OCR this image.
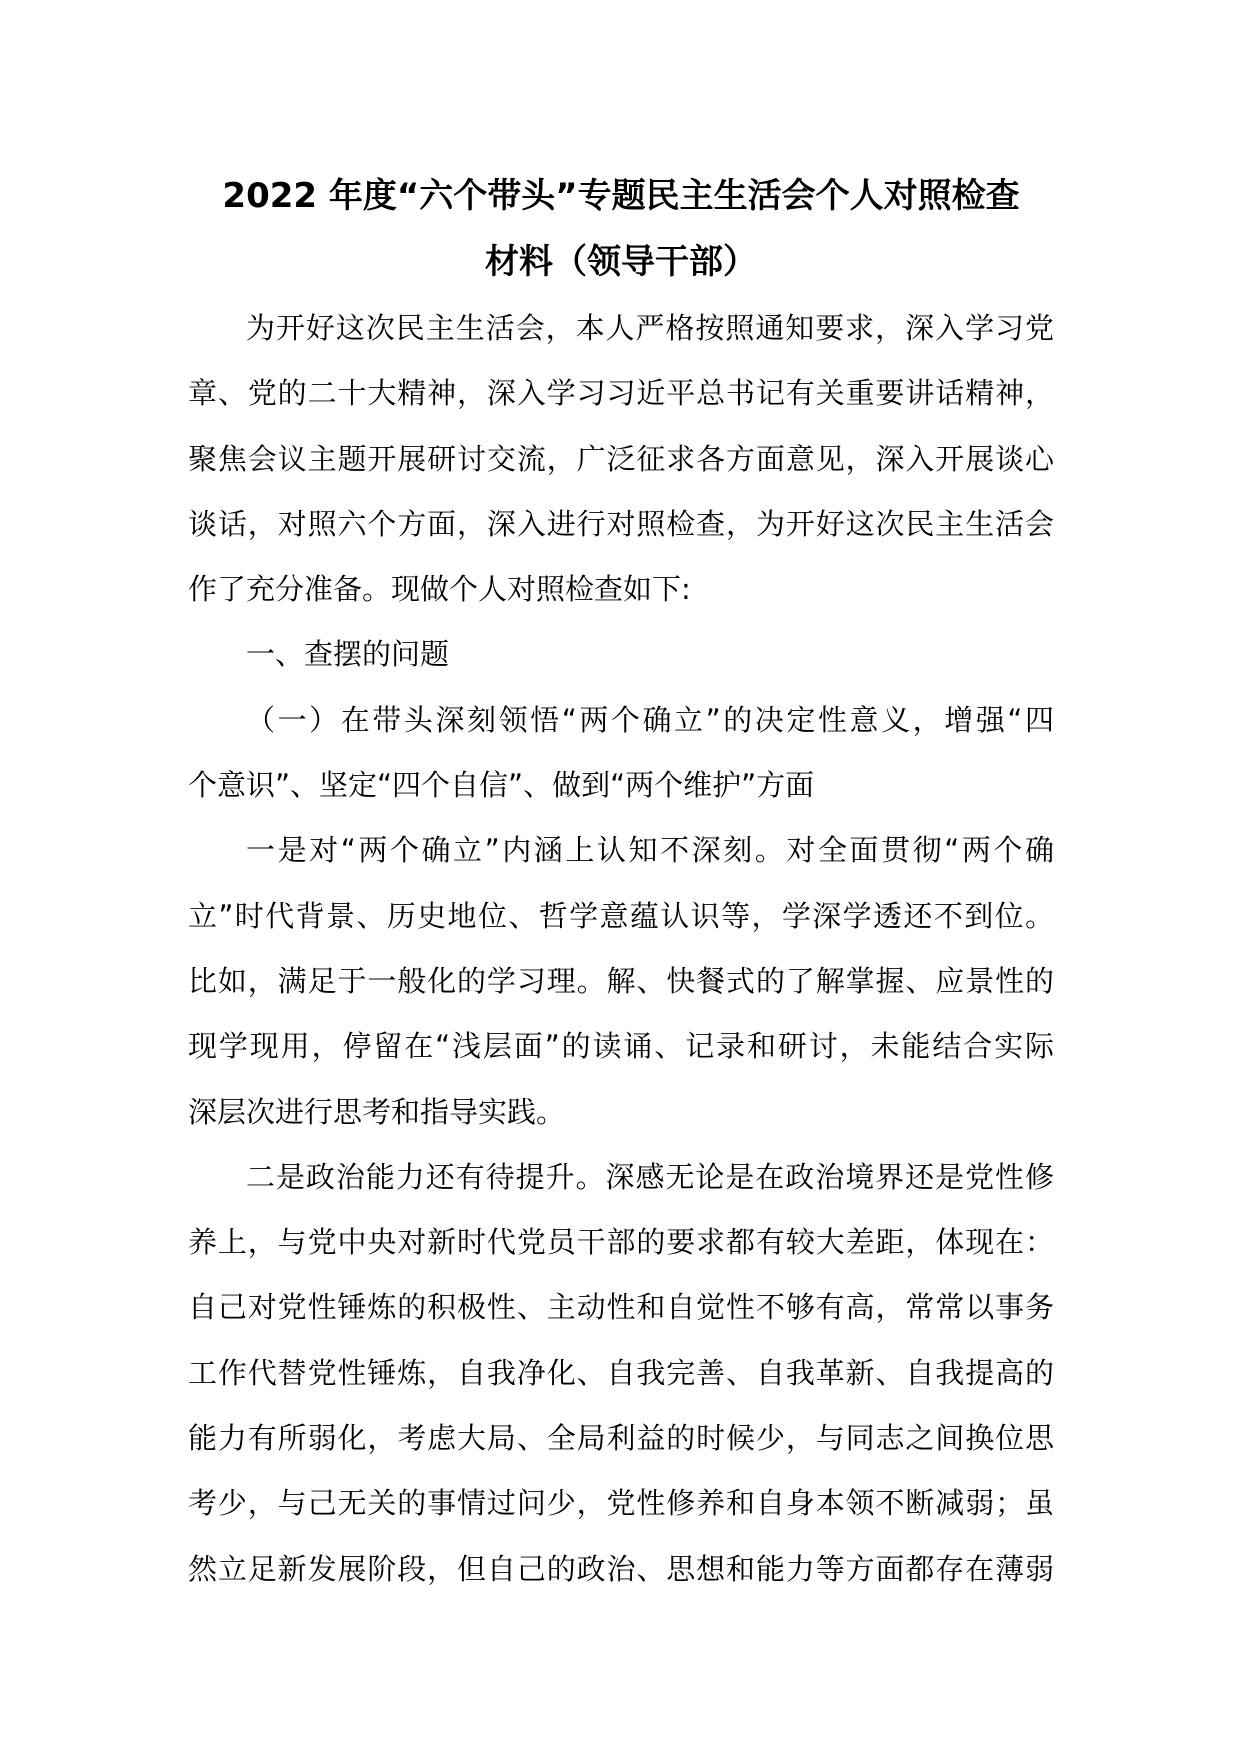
2022 年度“六个带头”专题民主生活会个人对照检查
材料（领导干部）
为开好这次民主生活会，本人严格按照通知要求，深入学习党
章、党的二十大精神，深入学习习近平总书记有关重要讲话精神，
聚焦会议主题开展研讨交流，广泛征求各方面意见，深入开展谈心
谈话，对照六个方面，深入进行对照检查，为开好这次民主生活会
作了充分准备。现做个人对照检查如下:
一、查摆的问题
（一）在带头深刻领悟“两个确立”的决定性意义，增强“四
个意识”、坚定“四个自信”、做到“两个维护”方面
一是对“两个确立”内涵上认知不深刻。对全面贯彻“两个确
立”时代背景、历史地位、哲学意蕴认识等，学深学透还不到位。
比如，满足于一般化的学习理。解、快餐式的了解掌握、应景性的
现学现用，停留在“浅层面”的读诵、记录和研讨，未能结合实际
深层次进行思考和指导实践。
二是政治能力还有待提升。深感无论是在政治境界还是党性修
养上，与党中央对新时代党员干部的要求都有较大差距，体现在：
自己对党性锤炼的积极性、主动性和自觉性不够有高，常常以事务
工作代替党性锤炼，自我净化、自我完善、自我革新、自我提高的
能力有所弱化，考虑大局、全局利益的时候少，与同志之间换位思
考少，与己无关的事情过问少，党性修养和自身本领不断减弱；虽
然立足新发展阶段，但自己的政治、思想和能力等方面都存在薄弱
